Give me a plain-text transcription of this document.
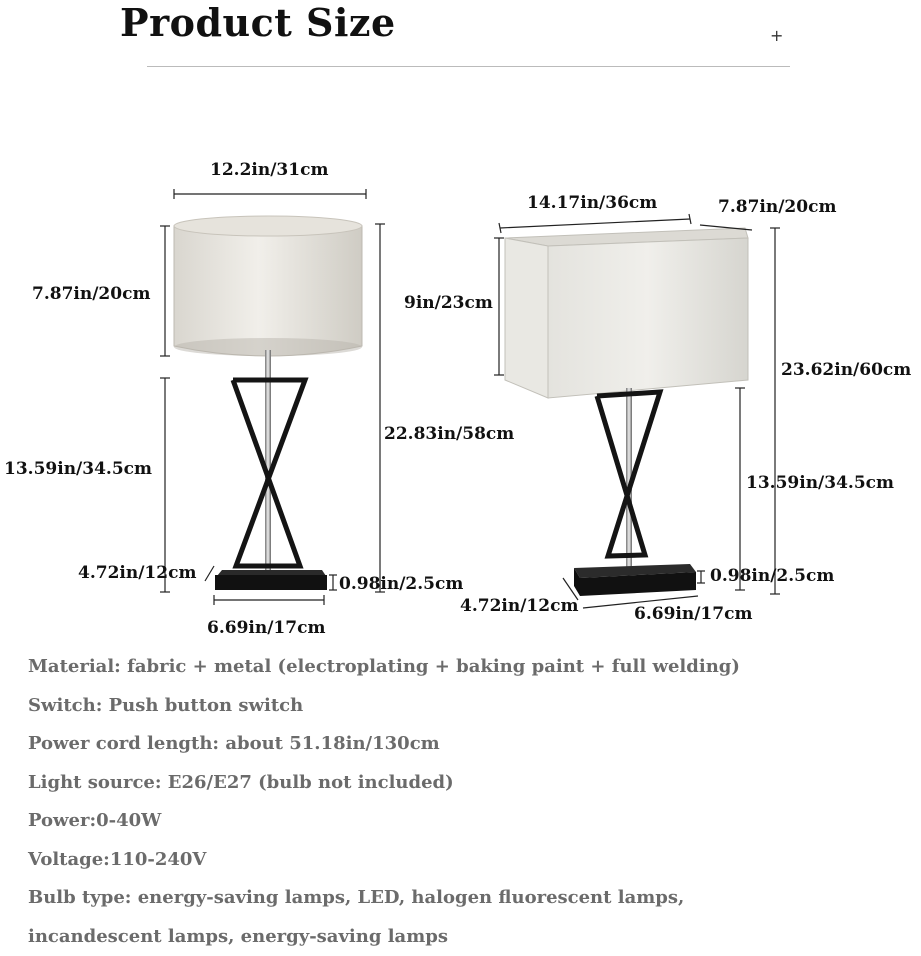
Product Size	+
12.2in/31cm
7.87in/20cm
13.59in/34.5cm
22.83in/58cm
4.72in/12cm
0.98in/2.5cm
6.69in/17cm
14.17in/36cm	7.87in/20cm
9in/23cm
23.62in/60cm
13.59in/34.5cm
0.98in/2.5cm
4.72in/12cm	6.69in/17cm
Material: fabric + metal (electroplating + baking paint + full welding)
Switch: Push button switch
Power cord length: about 51.18in/130cm
Light source: E26/E27 (bulb not included)
Power:0-40W
Voltage:110-240V
Bulb type: energy-saving lamps, LED, halogen fluorescent lamps,
incandescent lamps, energy-saving lamps
